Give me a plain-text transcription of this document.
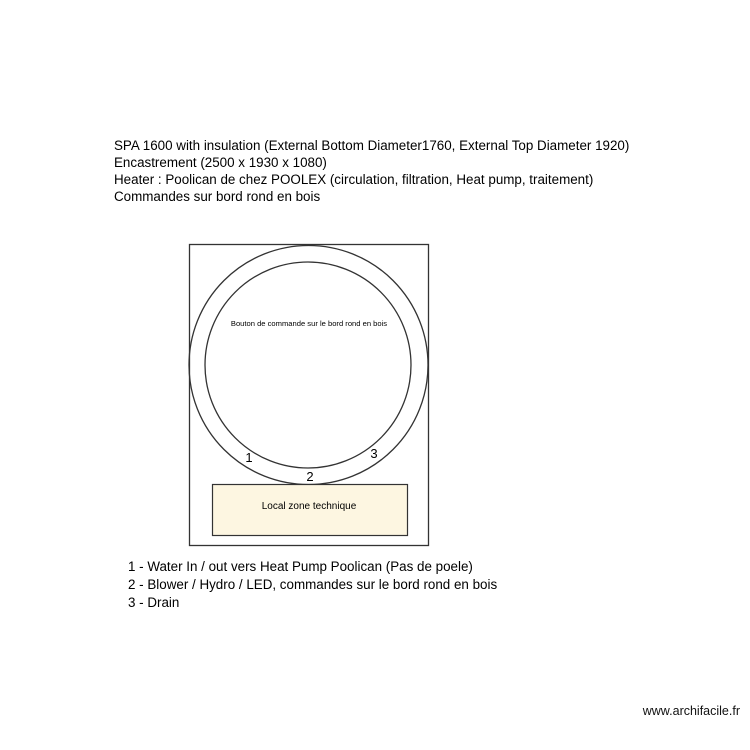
SPA 1600 with insulation (External Bottom Diameter1760, External Top Diameter 1920)
Encastrement (2500 x 1930 x 1080)
Heater : Poolican de chez POOLEX (circulation, filtration, Heat pump, traitement)
Commandes sur bord rond en bois
Bouton de commande sur le bord rond en bois
1
2
3
Local zone technique
1 - Water In / out vers Heat Pump Poolican (Pas de poele)
2 - Blower / Hydro / LED, commandes sur le bord rond en bois
3 - Drain
www.archifacile.fr
